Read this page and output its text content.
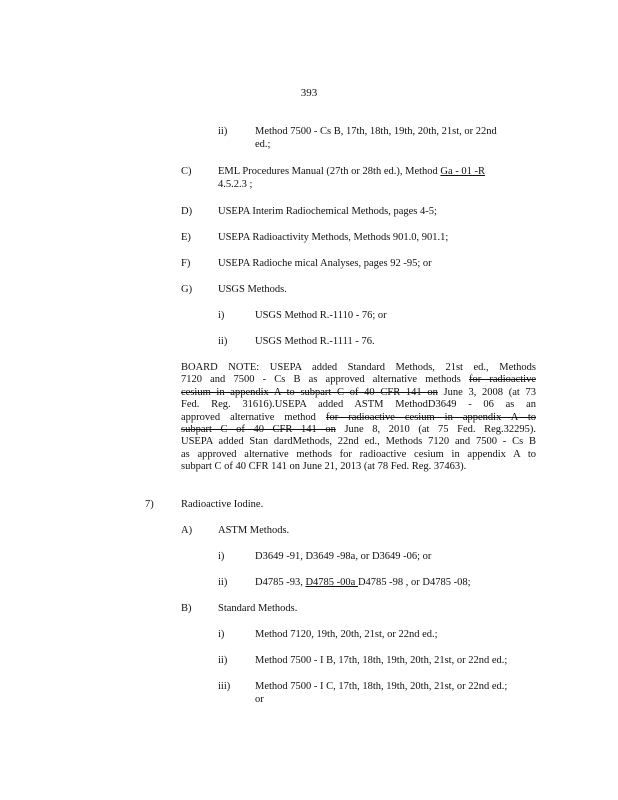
393
ii)	Method 7500 - Cs B, 17th, 18th, 19th, 20th, 21st, or 22nd
ed.;
C)	EML Procedures Manual (27th or 28th ed.), Method Ga - 01 -R
4.5.2.3 ;
D) USEPA Interim Radiochemical Methods, pages 4-5;
E)	USEPA Radioactivity Methods, Methods 901.0, 901.1;
F)	USEPA Radioche mical Analyses, pages 92 -95; or
G) USGS Methods.
i)	USGS Method R.-1110 - 76; or
ii)	USGS Method R.-1111 - 76.
BOARD NOTE: USEPA added Standard Methods, 21st ed., Methods
7120 and 7500 - Cs B as approved alternative methods for radioactive
cesium in appendix A to subpart C of 40 CFR 141 on June 3, 2008 (at 73
Fed. Reg. 31616).USEPA added ASTM MethodD3649 - 06 as an
approved alternative method for radioactive cesium in appendix A to
subpart C of 40 CFR 141 on June 8, 2010 (at 75 Fed. Reg.32295).
USEPA added Stan dardMethods, 22nd ed., Methods 7120 and 7500 - Cs B
as approved alternative methods for radioactive cesium in appendix A to
subpart C of 40 CFR 141 on June 21, 2013 (at 78 Fed. Reg. 37463).
7)	Radioactive Iodine.
A) ASTM Methods.
i)	D3649 -91, D3649 -98a, or D3649 -06; or
ii)	D4785 -93, D4785 -00a D4785 -98 , or D4785 -08;
B)	Standard Methods.
i)	Method 7120, 19th, 20th, 21st, or 22nd ed.;
ii)	Method 7500 - I B, 17th, 18th, 19th, 20th, 21st, or 22nd ed.;
iii) Method 7500 - I C, 17th, 18th, 19th, 20th, 21st, or 22nd ed.;
or
